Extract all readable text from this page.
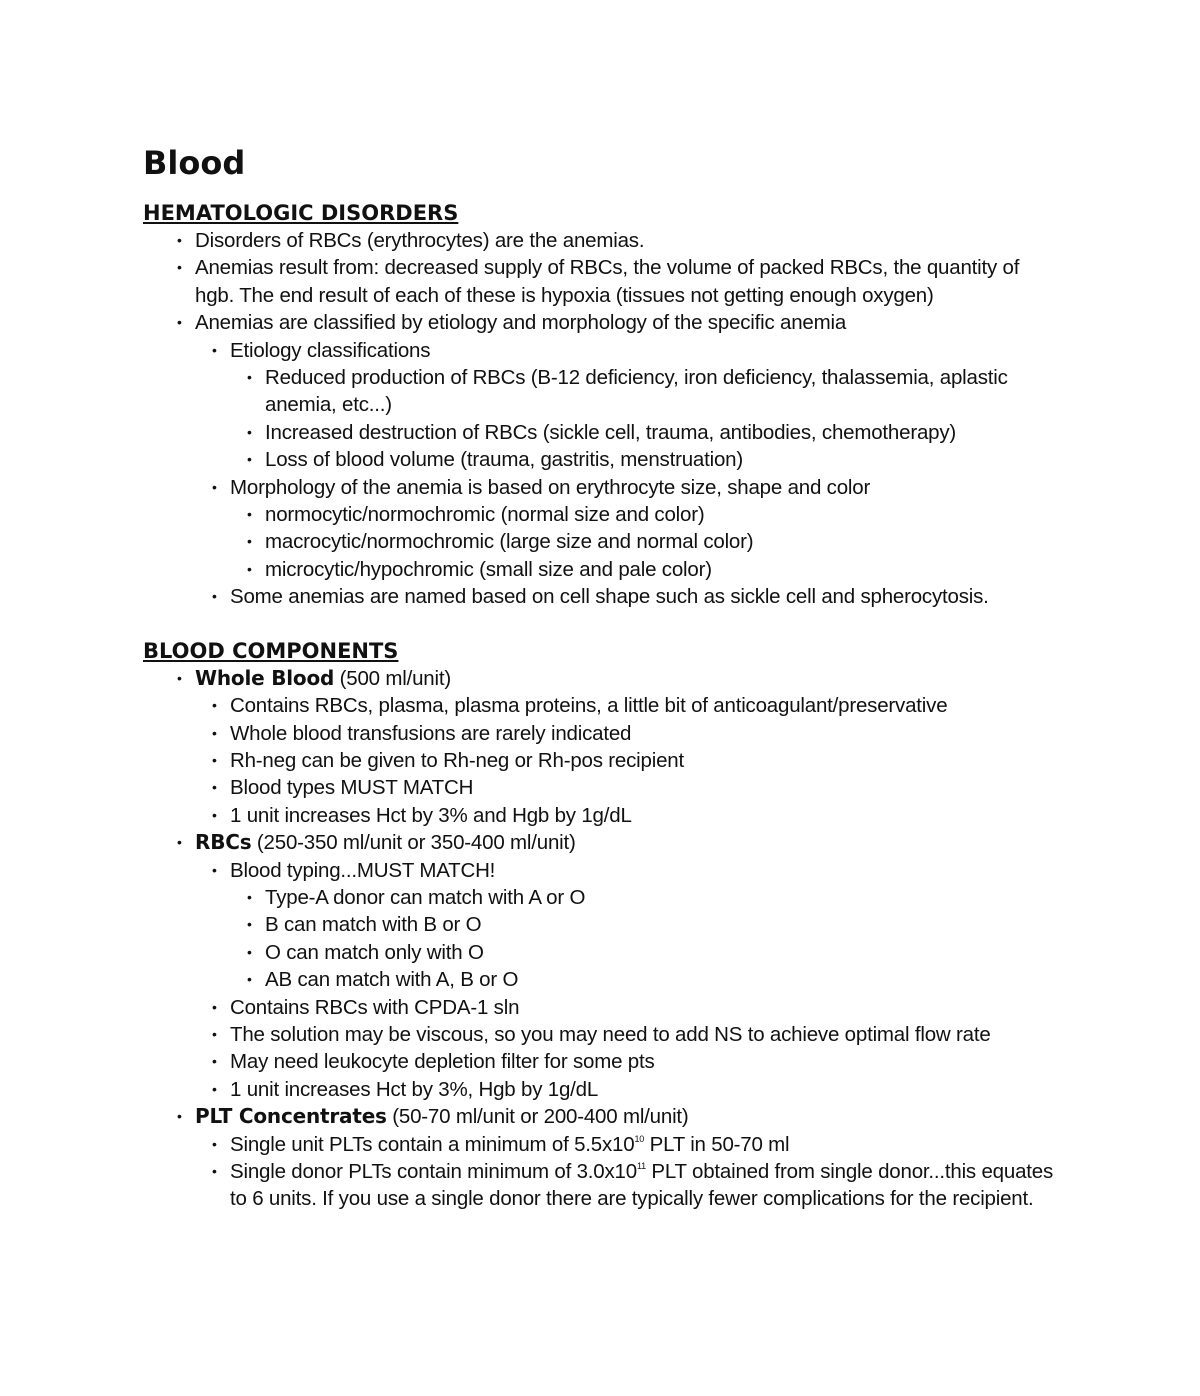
Blood
HEMATOLOGIC DISORDERS
• Disorders of RBCs (erythrocytes) are the anemias.
• Anemias result from: decreased supply of RBCs, the volume of packed RBCs, the quantity of hgb. The end result of each of these is hypoxia (tissues not getting enough oxygen)
• Anemias are classified by etiology and morphology of the specific anemia
• Etiology classifications
• Reduced production of RBCs (B-12 deficiency, iron deficiency, thalassemia, aplastic anemia, etc...)
• Increased destruction of RBCs (sickle cell, trauma, antibodies, chemotherapy)
• Loss of blood volume (trauma, gastritis, menstruation)
• Morphology of the anemia is based on erythrocyte size, shape and color
• normocytic/normochromic (normal size and color)
• macrocytic/normochromic (large size and normal color)
• microcytic/hypochromic (small size and pale color)
• Some anemias are named based on cell shape such as sickle cell and spherocytosis.
BLOOD COMPONENTS
• Whole Blood (500 ml/unit)
• Contains RBCs, plasma, plasma proteins, a little bit of anticoagulant/preservative
• Whole blood transfusions are rarely indicated
• Rh-neg can be given to Rh-neg or Rh-pos recipient
• Blood types MUST MATCH
• 1 unit increases Hct by 3% and Hgb by 1g/dL
• RBCs (250-350 ml/unit or 350-400 ml/unit)
• Blood typing...MUST MATCH!
• Type-A donor can match with A or O
• B can match with B or O
• O can match only with O
• AB can match with A, B or O
• Contains RBCs with CPDA-1 sln
• The solution may be viscous, so you may need to add NS to achieve optimal flow rate
• May need leukocyte depletion filter for some pts
• 1 unit increases Hct by 3%, Hgb by 1g/dL
• PLT Concentrates (50-70 ml/unit or 200-400 ml/unit)
• Single unit PLTs contain a minimum of $5.5x10^{10}$ PLT in 50-70 ml
• Single donor PLTs contain minimum of $3.0x10^{11}$ PLT obtained from single donor...this equates to 6 units. If you use a single donor there are typically fewer complications for the recipient.
